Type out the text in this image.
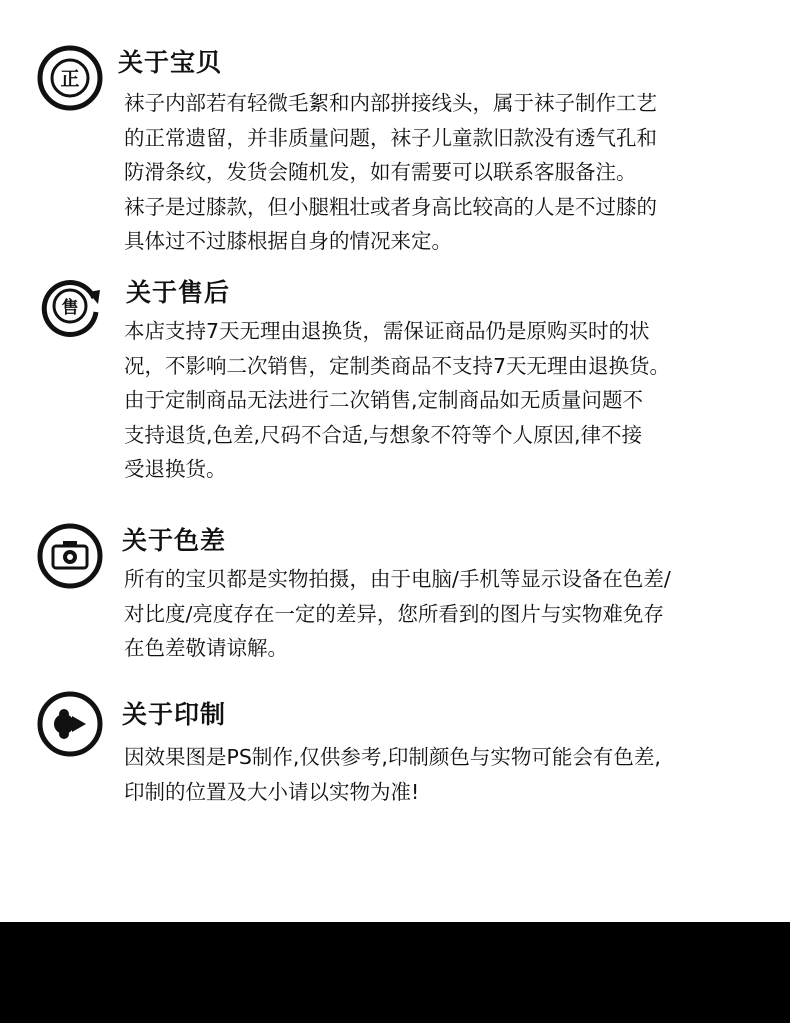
正
关于宝贝

袜子内部若有轻微毛絮和内部拼接线头，属于袜子制作工艺

的正常遗留，并非质量问题，袜子儿童款旧款没有透气孔和

防滑条纹，发货会随机发，如有需要可以联系客服备注。

袜子是过膝款，但小腿粗壮或者身高比较高的人是不过膝的

具体过不过膝根据自身的情况来定。

售
关于售后

本店支持7天无理由退换货，需保证商品仍是原购买时的状

况，不影响二次销售，定制类商品不支持7天无理由退换货。

由于定制商品无法进行二次销售,定制商品如无质量问题不

支持退货,色差,尺码不合适,与想象不符等个人原因,律不接

受退换货。

关于色差

所有的宝贝都是实物拍摄，由于电脑/手机等显示设备在色差/

对比度/亮度存在一定的差异，您所看到的图片与实物难免存

在色差敬请谅解。

关于印制

因效果图是PS制作,仅供参考,印制颜色与实物可能会有色差,

印制的位置及大小请以实物为准!
